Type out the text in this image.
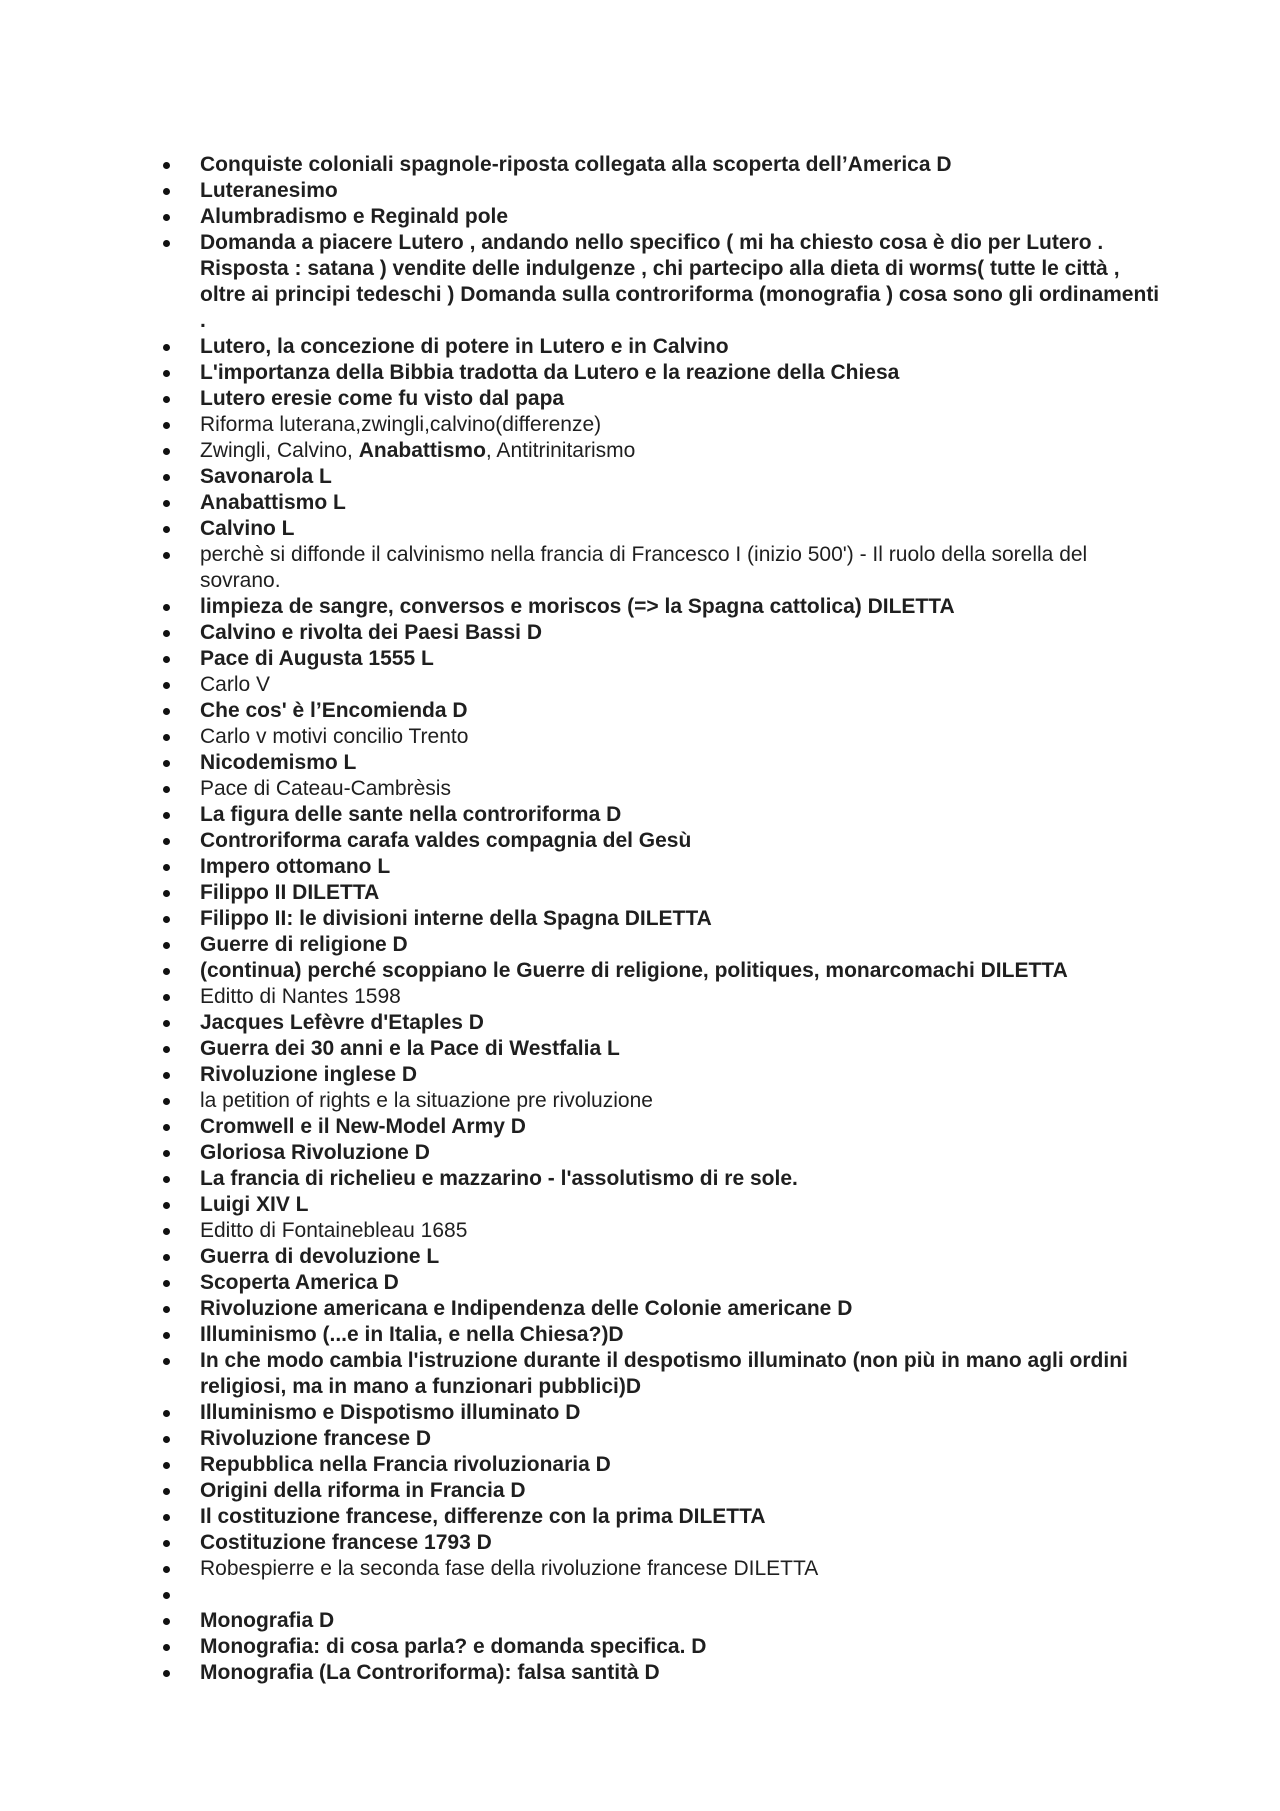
Conquiste coloniali spagnole-riposta collegata alla scoperta dell’America D
Luteranesimo
Alumbradismo e Reginald pole
Domanda a piacere Lutero , andando nello specifico ( mi ha chiesto cosa è dio per Lutero . Risposta : satana ) vendite delle indulgenze , chi partecipo alla dieta di worms( tutte le città , oltre ai principi tedeschi ) Domanda sulla controriforma (monografia ) cosa sono gli ordinamenti .
Lutero, la concezione di potere in Lutero e in Calvino
L'importanza della Bibbia tradotta da Lutero e la reazione della Chiesa
Lutero eresie come fu visto dal papa
Riforma luterana,zwingli,calvino(differenze)
Zwingli, Calvino, Anabattismo, Antitrinitarismo
Savonarola L
Anabattismo L
Calvino L
perchè si diffonde il calvinismo nella francia di Francesco I (inizio 500') - Il ruolo della sorella del sovrano.
limpieza de sangre, conversos e moriscos (=> la Spagna cattolica) DILETTA
Calvino e rivolta dei Paesi Bassi D
Pace di Augusta 1555 L
Carlo V
Che cos' è l’Encomienda D
Carlo v motivi concilio Trento
Nicodemismo L
Pace di Cateau-Cambrèsis
La figura delle sante nella controriforma D
Controriforma carafa valdes compagnia del Gesù
Impero ottomano L
Filippo II DILETTA
Filippo II: le divisioni interne della Spagna DILETTA
Guerre di religione D
(continua) perché scoppiano le Guerre di religione, politiques, monarcomachi DILETTA
Editto di Nantes 1598
Jacques Lefèvre d'Etaples D
Guerra dei 30 anni e la Pace di Westfalia L
Rivoluzione inglese D
la petition of rights e la situazione pre rivoluzione
Cromwell e il New-Model Army D
Gloriosa Rivoluzione D
La francia di richelieu e mazzarino - l'assolutismo di re sole.
Luigi XIV L
Editto di Fontainebleau 1685
Guerra di devoluzione L
Scoperta America D
Rivoluzione americana e Indipendenza delle Colonie americane D
Illuminismo (...e in Italia, e nella Chiesa?)D
In che modo cambia l'istruzione durante il despotismo illuminato (non più in mano agli ordini religiosi, ma in mano a funzionari pubblici)D
Illuminismo e Dispotismo illuminato D
Rivoluzione francese D
Repubblica nella Francia rivoluzionaria D
Origini della riforma in Francia D
Il costituzione francese, differenze con la prima DILETTA
Costituzione francese 1793 D
Robespierre e la seconda fase della rivoluzione francese DILETTA
Monografia D
Monografia: di cosa parla? e domanda specifica. D
Monografia (La Controriforma): falsa santità D
